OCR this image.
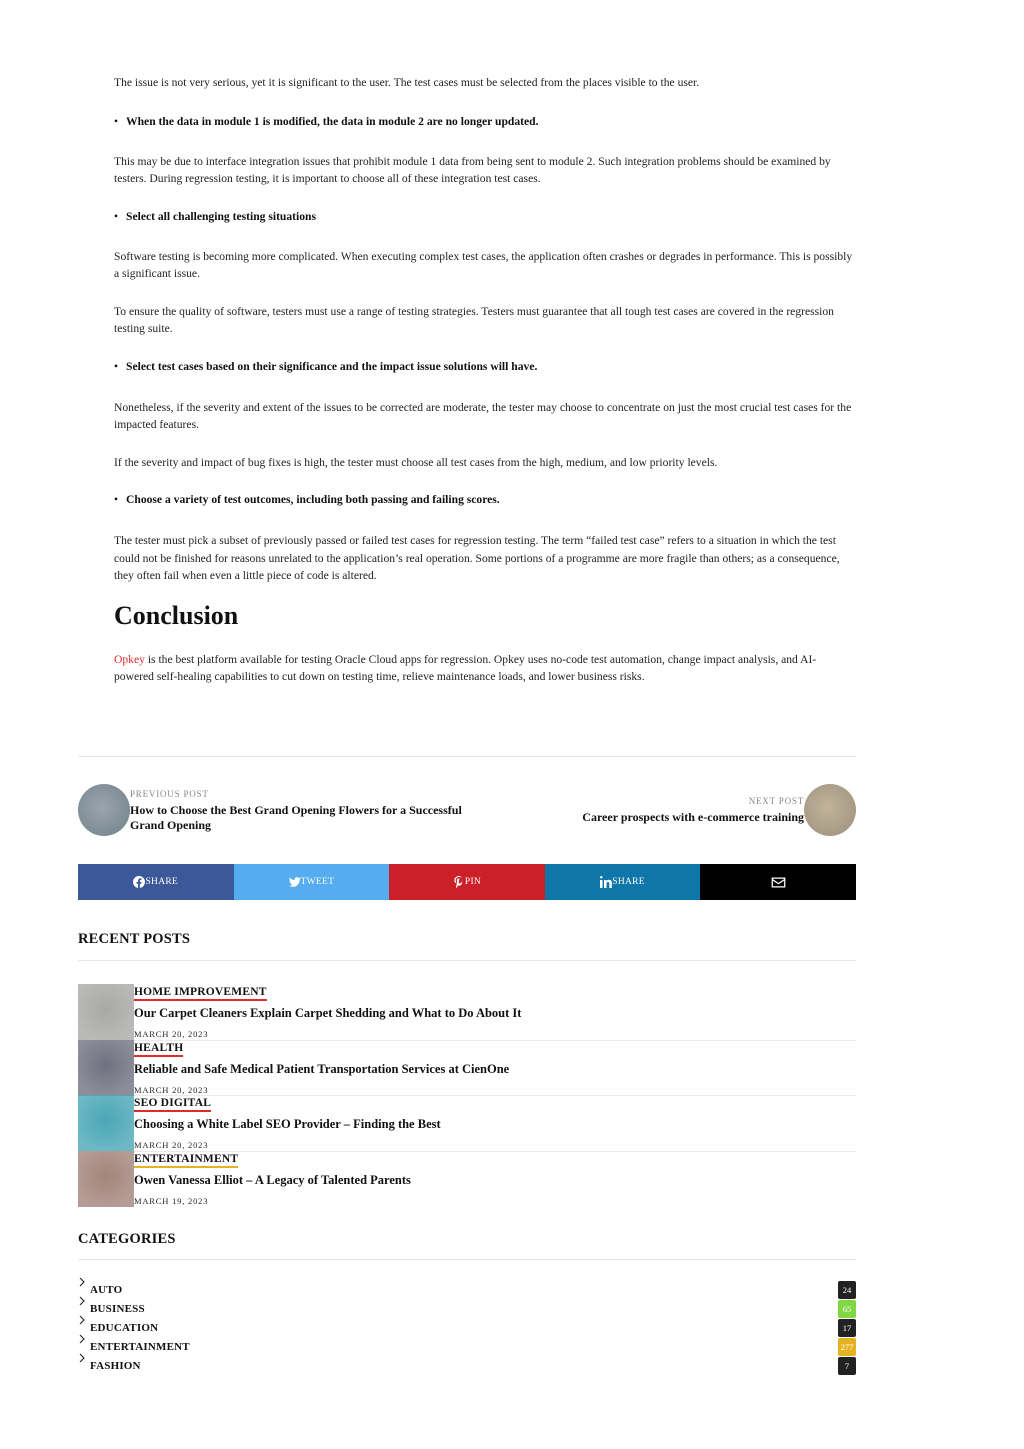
The issue is not very serious, yet it is significant to the user. The test cases must be selected from the places visible to the user.

• When the data in module 1 is modified, the data in module 2 are no longer updated.

This may be due to interface integration issues that prohibit module 1 data from being sent to module 2. Such integration problems should be examined by testers. During regression testing, it is important to choose all of these integration test cases.

• Select all challenging testing situations

Software testing is becoming more complicated. When executing complex test cases, the application often crashes or degrades in performance. This is possibly a significant issue.

To ensure the quality of software, testers must use a range of testing strategies. Testers must guarantee that all tough test cases are covered in the regression testing suite.

• Select test cases based on their significance and the impact issue solutions will have.

Nonetheless, if the severity and extent of the issues to be corrected are moderate, the tester may choose to concentrate on just the most crucial test cases for the impacted features.

If the severity and impact of bug fixes is high, the tester must choose all test cases from the high, medium, and low priority levels.

• Choose a variety of test outcomes, including both passing and failing scores.

The tester must pick a subset of previously passed or failed test cases for regression testing. The term “failed test case” refers to a situation in which the test could not be finished for reasons unrelated to the application’s real operation. Some portions of a programme are more fragile than others; as a consequence, they often fail when even a little piece of code is altered.

Conclusion

Opkey is the best platform available for testing Oracle Cloud apps for regression. Opkey uses no-code test automation, change impact analysis, and AI-powered self-healing capabilities to cut down on testing time, relieve maintenance loads, and lower business risks.

PREVIOUS POST
How to Choose the Best Grand Opening Flowers for a Successful Grand Opening
NEXT POST
Career prospects with e-commerce training
SHARE	TWEET	PIN	SHARE
RECENT POSTS
HOME IMPROVEMENT
Our Carpet Cleaners Explain Carpet Shedding and What to Do About It
MARCH 20, 2023
HEALTH
Reliable and Safe Medical Patient Transportation Services at CienOne
MARCH 20, 2023
SEO DIGITAL
Choosing a White Label SEO Provider – Finding the Best
MARCH 20, 2023
ENTERTAINMENT
Owen Vanessa Elliot – A Legacy of Talented Parents
MARCH 19, 2023
CATEGORIES
AUTO	24
BUSINESS	65
EDUCATION	17
ENTERTAINMENT	277
FASHION	7
